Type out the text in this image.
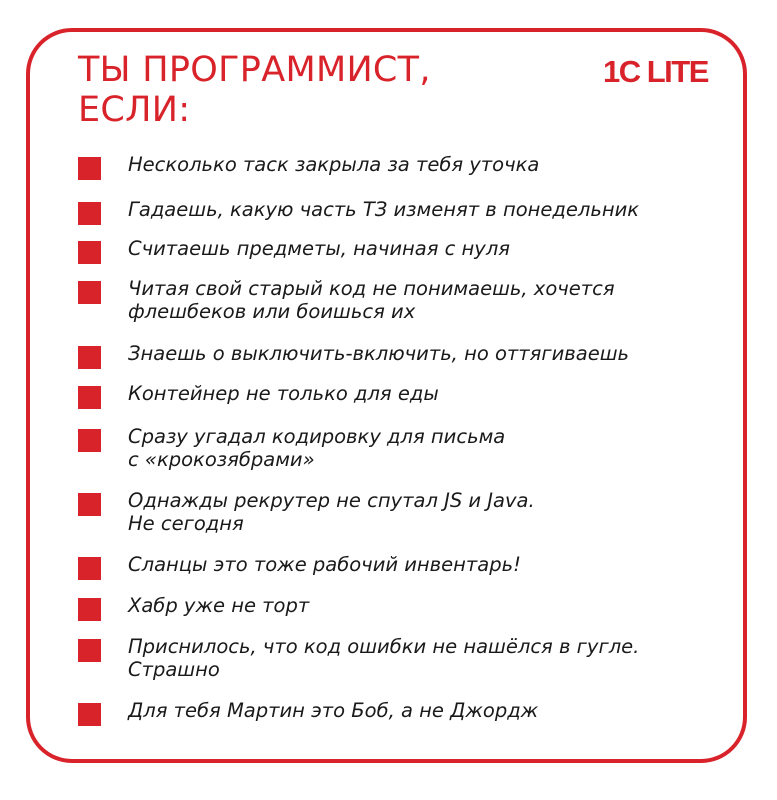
ТЫ ПРОГРАММИСТ,
ЕСЛИ:
1C LITE
Несколько таск закрыла за тебя уточка
Гадаешь, какую часть ТЗ изменят в понедельник
Считаешь предметы, начиная с нуля
Читая свой старый код не понимаешь, хочется
флешбеков или боишься их
Знаешь о выключить-включить, но оттягиваешь
Контейнер не только для еды
Сразу угадал кодировку для письма
с «крокозябрами»
Однажды рекрутер не спутал JS и Java.
Не сегодня
Сланцы это тоже рабочий инвентарь!
Хабр уже не торт
Приснилось, что код ошибки не нашёлся в гугле.
Страшно
Для тебя Мартин это Боб, а не Джордж
